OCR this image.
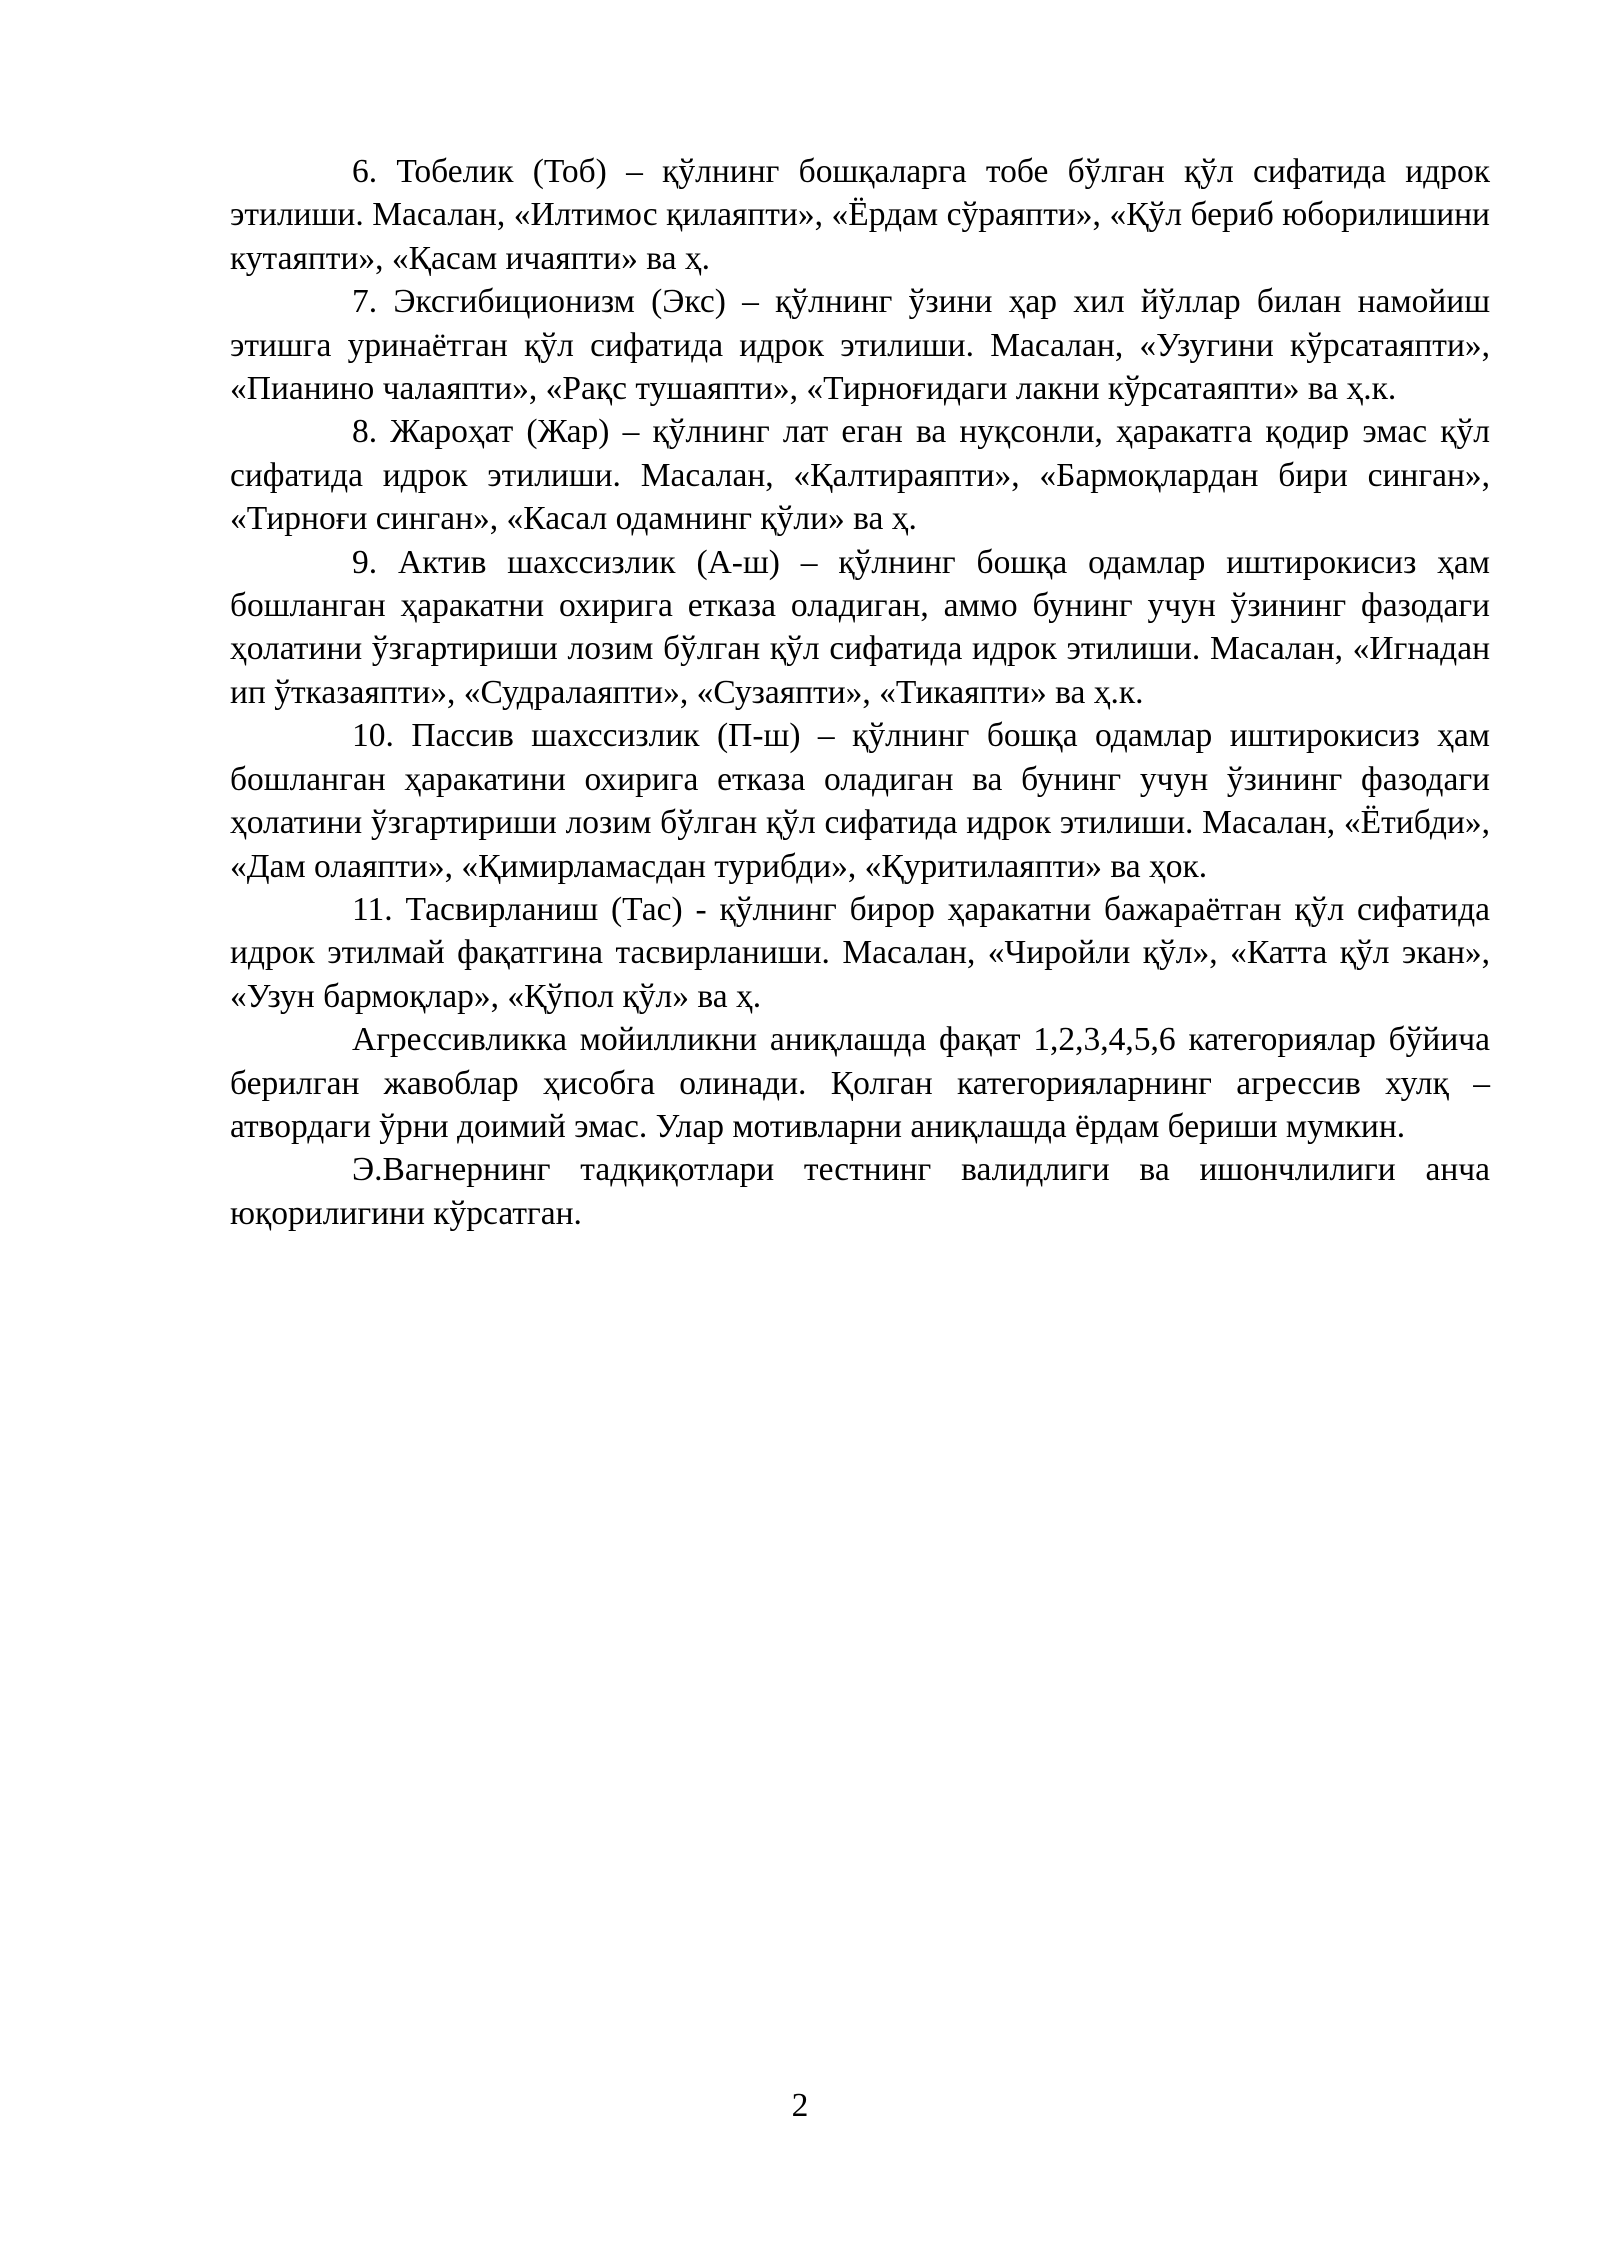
6. Тобелик (Тоб) – қўлнинг бошқаларга тобе бўлган қўл сифатида идрок этилиши. Масалан, «Илтимос қилаяпти», «Ёрдам сўраяпти», «Қўл бериб юборилишини кутаяпти», «Қасам ичаяпти» ва ҳ.

7. Эксгибиционизм (Экс) – қўлнинг ўзини ҳар хил йўллар билан намойиш этишга уринаётган қўл сифатида идрок этилиши. Масалан, «Узугини кўрсатаяпти», «Пианино чалаяпти», «Рақс тушаяпти», «Тирноғидаги лакни кўрсатаяпти» ва ҳ.к.

8. Жароҳат (Жар) – қўлнинг лат еган ва нуқсонли, ҳаракатга қодир эмас қўл сифатида идрок этилиши. Масалан, «Қалтираяпти», «Бармоқлардан бири синган», «Тирноғи синган», «Касал одамнинг қўли» ва ҳ.

9. Актив шахссизлик (А-ш) – қўлнинг бошқа одамлар иштирокисиз ҳам бошланган ҳаракатни охирига етказа оладиган, аммо бунинг учун ўзининг фазодаги ҳолатини ўзгартириши лозим бўлган қўл сифатида идрок этилиши. Масалан, «Игнадан ип ўтказаяпти», «Судралаяпти», «Сузаяпти», «Тикаяпти» ва ҳ.к.

10. Пассив шахссизлик (П-ш) – қўлнинг бошқа одамлар иштирокисиз ҳам бошланган ҳаракатини охирига етказа оладиган ва бунинг учун ўзининг фазодаги ҳолатини ўзгартириши лозим бўлган қўл сифатида идрок этилиши. Масалан, «Ётибди», «Дам олаяпти», «Қимирламасдан турибди», «Қуритилаяпти» ва ҳок.

11. Тасвирланиш (Тас) - қўлнинг бирор ҳаракатни бажараётган қўл сифатида идрок этилмай фақатгина тасвирланиши. Масалан, «Чиройли қўл», «Катта қўл экан», «Узун бармоқлар», «Қўпол қўл» ва ҳ.

Агрессивликка мойилликни аниқлашда фақат 1,2,3,4,5,6 категориялар бўйича берилган жавоблар ҳисобга олинади. Қолган категорияларнинг агрессив хулқ – атвордаги ўрни доимий эмас. Улар мотивларни аниқлашда ёрдам бериши мумкин.

Э.Вагнернинг тадқиқотлари тестнинг валидлиги ва ишончлилиги анча юқорилигини кўрсатган.

2
